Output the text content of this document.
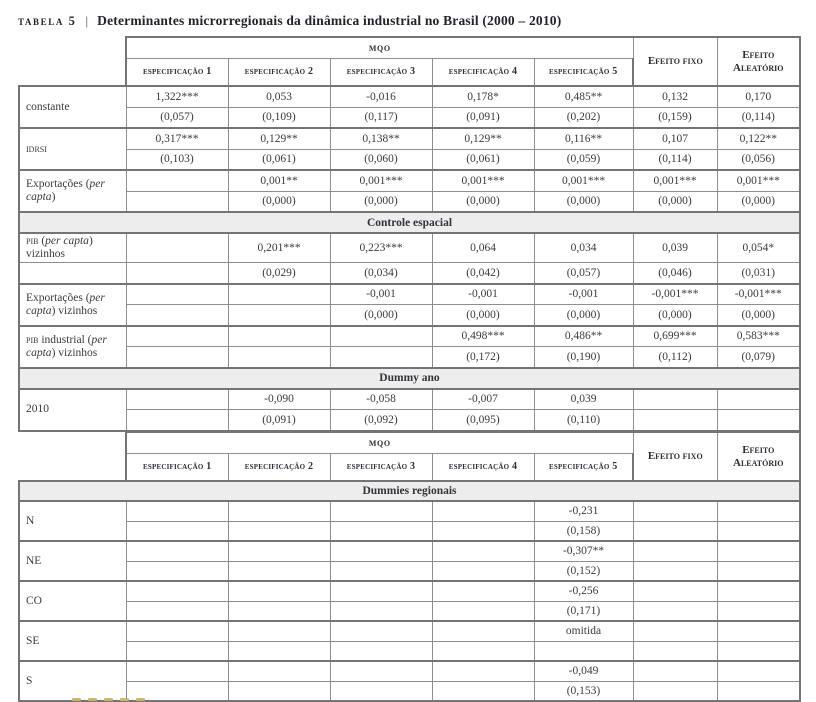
tabela 5 | Determinantes microrregionais da dinâmica industrial no Brasil (2000 – 2010)
	mqo					Efeito fixo	Efeito Aleatório
	especificação 1	especificação 2	especificação 3	especificação 4	especificação 5		
constante	1,322***	0,053	-0,016	0,178*	0,485**	0,132	0,170
	(0,057)	(0,109)	(0,117)	(0,091)	(0,202)	(0,159)	(0,114)
idrsi	0,317***	0,129**	0,138**	0,129**	0,116**	0,107	0,122**
	(0,103)	(0,061)	(0,060)	(0,061)	(0,059)	(0,114)	(0,056)
Exportações (per capta)		0,001**	0,001***	0,001***	0,001***	0,001***	0,001***
		(0,000)	(0,000)	(0,000)	(0,000)	(0,000)	(0,000)
Controle espacial							
pib (per capta) vizinhos		0,201***	0,223***	0,064	0,034	0,039	0,054*
		(0,029)	(0,034)	(0,042)	(0,057)	(0,046)	(0,031)
Exportações (per capta) vizinhos			-0,001	-0,001	-0,001	-0,001***	-0,001***
			(0,000)	(0,000)	(0,000)	(0,000)	(0,000)
pib industrial (per capta) vizinhos				0,498***	0,486**	0,699***	0,583***
				(0,172)	(0,190)	(0,112)	(0,079)
Dummy ano							
2010		-0,090	-0,058	-0,007	0,039		
		(0,091)	(0,092)	(0,095)	(0,110)		
	mqo					Efeito fixo	Efeito Aleatório
	especificação 1	especificação 2	especificação 3	especificação 4	especificação 5		
Dummies regionais							
N					-0,231		
					(0,158)		
NE					-0,307**		
					(0,152)		
CO					-0,256		
					(0,171)		
SE					omitida		

S					-0,049		
					(0,153)		
